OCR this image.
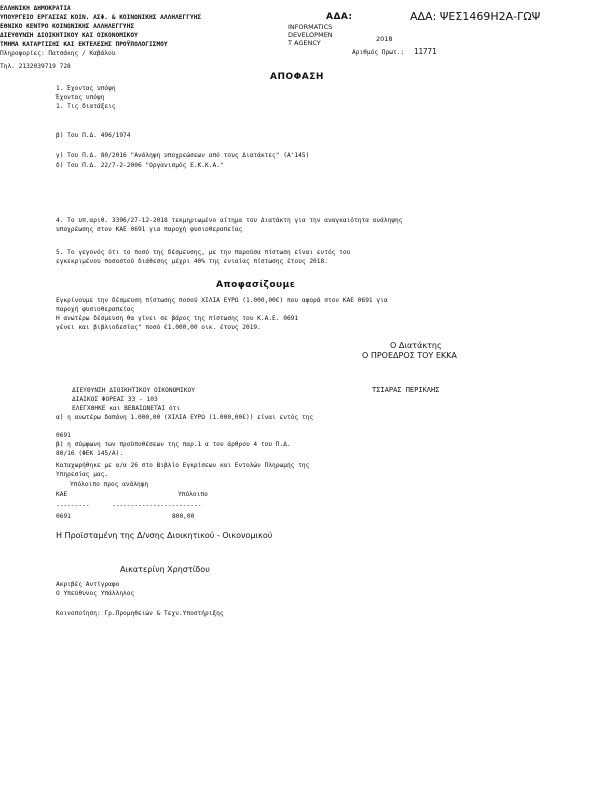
ΕΛΛΗΝΙΚΗ ΔΗΜΟΚΡΑΤΙΑ
ΥΠΟΥΡΓΕΙΟ ΕΡΓΑΣΙΑΣ ΚΟΙΝ. ΑΣΦ. & ΚΟΙΝΩΝΙΚΗΣ ΑΛΛΗΛΕΓΓΥΗΣ
ΕΘΝΙΚΟ ΚΕΝΤΡΟ ΚΟΙΝΩΝΙΚΗΣ ΑΛΛΗΛΕΓΓΥΗΣ
ΔΙΕΥΘΥΝΣΗ ΔΙΟΙΚΗΤΙΚΟΥ ΚΑΙ ΟΙΚΟΝΟΜΙΚΟΥ
ΤΜΗΜΑ ΚΑΤΑΡΤΙΣΗΣ ΚΑΙ ΕΚΤΕΛΕΣΗΣ ΠΡΟΫΠΟΛΟΓΙΣΜΟΥ
Πληροφορίες: Πατσάκης / Καβάλου
Τηλ. 2132039719 728
ΑΔΑ:	ΑΔΑ: ΨΕΣ1469Η2Α-ΓΩΨ
INFORMATICS
DEVELOPMEN
T AGENCY	2018
Αριθμός Πρωτ.: 11771
ΑΠΟΦΑΣΗ
1. Έχοντας υπόψη
Έχοντας υπόψη
1. Τις διατάξεις
β) Του Π.Δ. 496/1974
γ) Του Π.Δ. 80/2016 "Ανάληψη υποχρεώσεων από τους Διατάκτες" (Α'145)
δ) Του Π.Δ. 22/7-2-2006 "Οργανισμός Ε.Κ.Κ.Α."
4. Το υπ.αριθ. 3396/27-12-2018 τεκμηριωμένο αίτημα του Διατάκτη για την αναγκαιότητα ανάληψης
υποχρέωσης στον ΚΑΕ 0691 για παροχή φυσιοθεραπείας
5. Το γεγονός ότι το ποσό της δέσμευσης, με την παρούσα πίστωση είναι εντός του
εγκεκριμένου ποσοστού διάθεσης μέχρι 40% της ενιαίας πίστωσης έτους 2018.
Αποφασίζουμε
Εγκρίνουμε την δέσμευση πίστωσης ποσού ΧΙΛΙΑ ΕΥΡΩ (1.000,00€) που αφορά στον ΚΑΕ 0691 για
παροχή φυσιοθεραπείας
Η ανωτέρω δέσμευση θα γίνει σε βάρος της πίστωσης του Κ.Α.Ε. 0691
γένει και βιβλιοδεσίας" ποσό €1.000,00 οικ. έτους 2019.
Ο Διατάκτης
Ο ΠΡΟΕΔΡΟΣ ΤΟΥ ΕΚΚΑ
ΤΣΙΑΡΑΣ ΠΕΡΙΚΛΗΣ
ΔΙΕΥΘΥΝΣΗ ΔΙΟΙΚΗΤΙΚΟΥ ΟΙΚΟΝΟΜΙΚΟΥ
ΔΙΑΙΚΟΣ ΦΟΡΕΑΣ 33 - 103
ΕΛΕΓΧΘΗΚΕ και ΒΕΒΑΙΩΝΕΤΑΙ ότι
α) η ανωτέρω δαπάνη 1.000,00 (ΧΙΛΙΑ ΕΥΡΩ (1.000,00€)) είναι εντός της
0691
β) η σύμφωνη των προϋποθέσεων της παρ.1 α του άρθρου 4 του Π.Δ.
80/16 (ΦΕΚ 145/Α).
Καταχωρήθηκε με α/α 26 στο Βιβλίο Εγκρίσεων και Εντολών Πληρωμής της
Υπηρεσίας μας.
Υπόλοιπο προς ανάληψη
ΚΑΕ	Υπόλοιπο
---------	------------------------
0691	800,00
Η Προϊσταμένη της Δ/νσης Διοικητικού - Οικονομικού
Αικατερίνη Χρηστίδου
Ακριβές Αντίγραφο
Ο Υπεύθυνος Υπάλληλος
Κοινοποίηση: Γρ.Προμηθειών & Τεχν.Υποστήριξης
